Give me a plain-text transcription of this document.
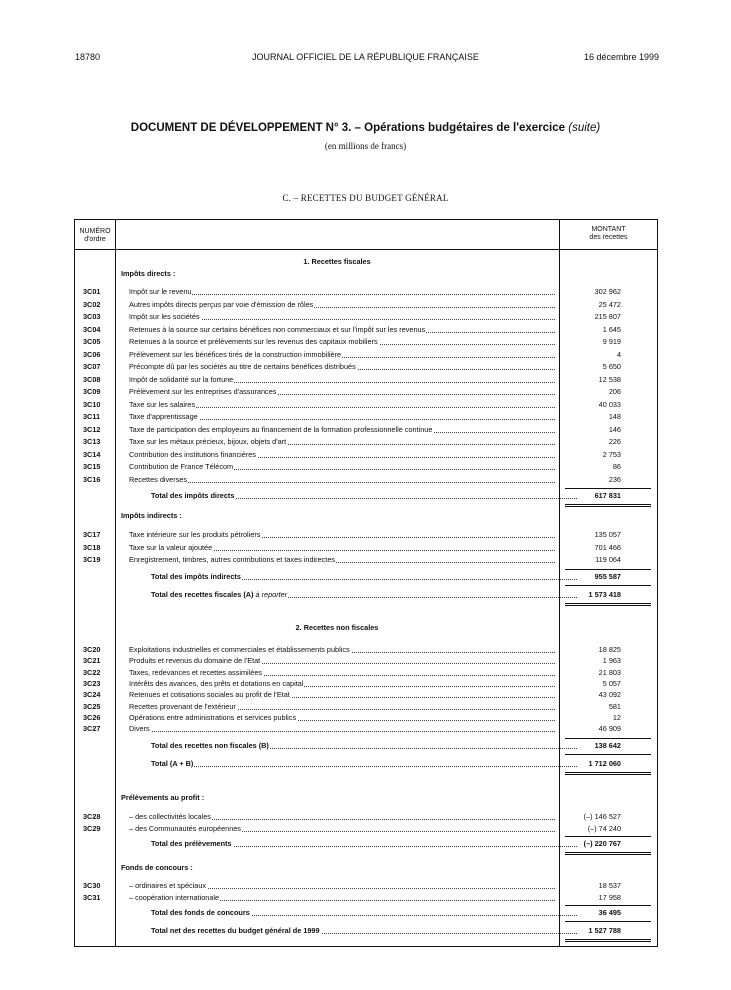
18780	JOURNAL OFFICIEL DE LA RÉPUBLIQUE FRANÇAISE	16 décembre 1999
DOCUMENT DE DÉVELOPPEMENT N° 3. – Opérations budgétaires de l'exercice (suite)
(en millions de francs)
C. – RECETTES DU BUDGET GÉNÉRAL
NUMÉRO
d'ordre
MONTANT
des recettes
1. Recettes fiscales
Impôts directs :
3C01	Impôt sur le revenu	302 962
3C02	Autres impôts directs perçus par voie d'émission de rôles	25 472
3C03	Impôt sur les sociétés	215 807
3C04	Retenues à la source sur certains bénéfices non commerciaux et sur l'impôt sur les revenus	1 645
3C05	Retenues à la source et prélèvements sur les revenus des capitaux mobiliers	9 919
3C06	Prélèvement sur les bénéfices tirés de la construction immobilière	4
3C07	Précompte dû par les sociétés au titre de certains bénéfices distribués	5 650
3C08	Impôt de solidarité sur la fortune	12 538
3C09	Prélèvement sur les entreprises d'assurances	206
3C10	Taxe sur les salaires	40 033
3C11	Taxe d'apprentissage	148
3C12	Taxe de participation des employeurs au financement de la formation professionnelle continue	146
3C13	Taxe sur les métaux précieux, bijoux, objets d'art	226
3C14	Contribution des institutions financières	2 753
3C15	Contribution de France Télécom	86
3C16	Recettes diverses	236
Total des impôts directs	617 831
Impôts indirects :
3C17	Taxe intérieure sur les produits pétroliers	135 057
3C18	Taxe sur la valeur ajoutée	701 466
3C19	Enregistrement, timbres, autres contributions et taxes indirectes	119 064
Total des impôts indirects	955 587
Total des recettes fiscales (A) à reporter	1 573 418
2. Recettes non fiscales
3C20	Exploitations industrielles et commerciales et établissements publics	18 825
3C21	Produits et revenus du domaine de l'Etat	1 963
3C22	Taxes, redevances et recettes assimilées	21 803
3C23	Intérêts des avances, des prêts et dotations en capital	5 057
3C24	Retenues et cotisations sociales au profit de l'Etat	43 092
3C25	Recettes provenant de l'extérieur	581
3C26	Opérations entre administrations et services publics	12
3C27	Divers	46 909
Total des recettes non fiscales (B)	138 642
Total (A + B)	1 712 060
Prélèvements au profit :
3C28	– des collectivités locales	(–) 146 527
3C29	– des Communautés européennes	(–) 74 240
Total des prélèvements	(–) 220 767
Fonds de concours :
3C30	– ordinaires et spéciaux	18 537
3C31	– coopération internationale	17 958
Total des fonds de concours	36 495
Total net des recettes du budget général de 1999	1 527 788
